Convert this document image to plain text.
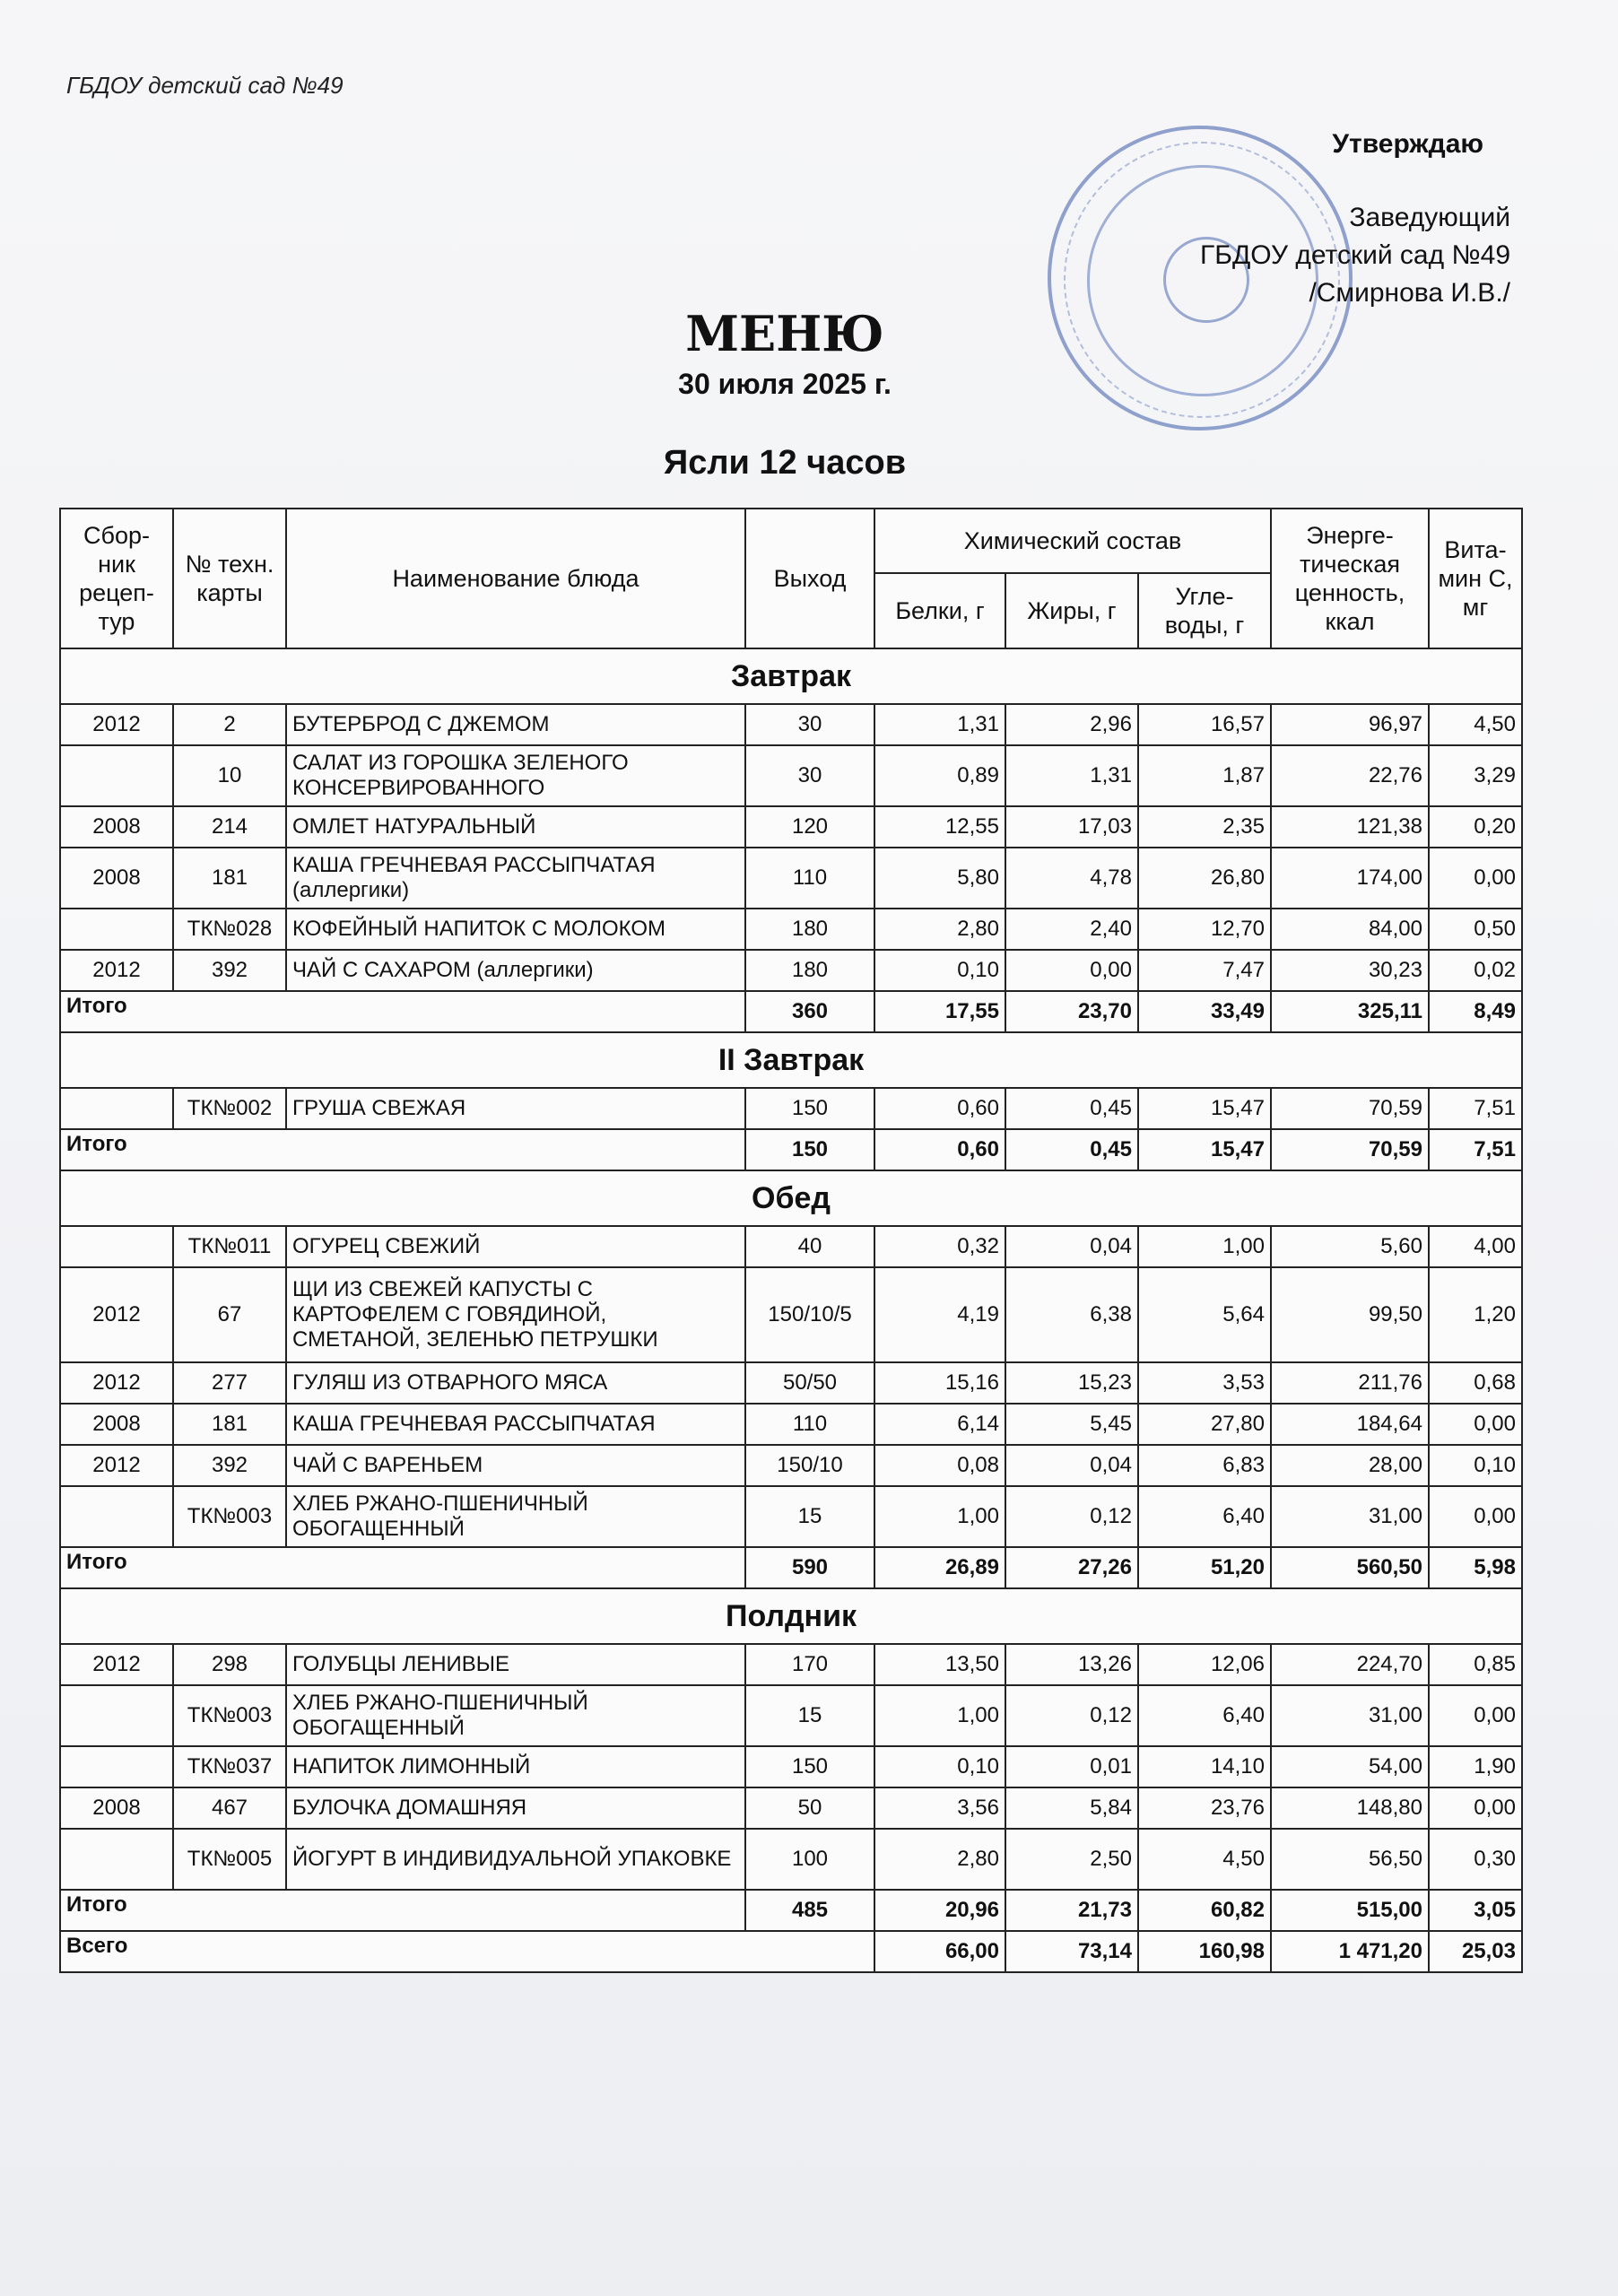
ГБДОУ детский сад №49
Утверждаю
Заведующий
ГБДОУ детский сад №49
/Смирнова И.В./
МЕНЮ
30 июля 2025 г.
Ясли 12 часов
Сбор-ник рецеп-тур	№ техн. карты	Наименование блюда	Выход	Химический состав			Энерге-тическая ценность, ккал	Вита-мин С, мг
				Белки, г	Жиры, г	Угле-воды, г		
Завтрак								
2012	2	БУТЕРБРОД С ДЖЕМОМ	30	1,31	2,96	16,57	96,97	4,50
	10	САЛАТ ИЗ ГОРОШКА ЗЕЛЕНОГО КОНСЕРВИРОВАННОГО	30	0,89	1,31	1,87	22,76	3,29
2008	214	ОМЛЕТ НАТУРАЛЬНЫЙ	120	12,55	17,03	2,35	121,38	0,20
2008	181	КАША ГРЕЧНЕВАЯ РАССЫПЧАТАЯ (аллергики)	110	5,80	4,78	26,80	174,00	0,00
	ТК№028	КОФЕЙНЫЙ НАПИТОК С МОЛОКОМ	180	2,80	2,40	12,70	84,00	0,50
2012	392	ЧАЙ С САХАРОМ (аллергики)	180	0,10	0,00	7,47	30,23	0,02
Итого			360	17,55	23,70	33,49	325,11	8,49
II Завтрак								
	ТК№002	ГРУША СВЕЖАЯ	150	0,60	0,45	15,47	70,59	7,51
Итого			150	0,60	0,45	15,47	70,59	7,51
Обед								
	ТК№011	ОГУРЕЦ СВЕЖИЙ	40	0,32	0,04	1,00	5,60	4,00
2012	67	ЩИ ИЗ СВЕЖЕЙ КАПУСТЫ С КАРТОФЕЛЕМ С ГОВЯДИНОЙ, СМЕТАНОЙ, ЗЕЛЕНЬЮ ПЕТРУШКИ	150/10/5	4,19	6,38	5,64	99,50	1,20
2012	277	ГУЛЯШ ИЗ ОТВАРНОГО МЯСА	50/50	15,16	15,23	3,53	211,76	0,68
2008	181	КАША ГРЕЧНЕВАЯ РАССЫПЧАТАЯ	110	6,14	5,45	27,80	184,64	0,00
2012	392	ЧАЙ С ВАРЕНЬЕМ	150/10	0,08	0,04	6,83	28,00	0,10
	ТК№003	ХЛЕБ РЖАНО-ПШЕНИЧНЫЙ ОБОГАЩЕННЫЙ	15	1,00	0,12	6,40	31,00	0,00
Итого			590	26,89	27,26	51,20	560,50	5,98
Полдник								
2012	298	ГОЛУБЦЫ ЛЕНИВЫЕ	170	13,50	13,26	12,06	224,70	0,85
	ТК№003	ХЛЕБ РЖАНО-ПШЕНИЧНЫЙ ОБОГАЩЕННЫЙ	15	1,00	0,12	6,40	31,00	0,00
	ТК№037	НАПИТОК ЛИМОННЫЙ	150	0,10	0,01	14,10	54,00	1,90
2008	467	БУЛОЧКА ДОМАШНЯЯ	50	3,56	5,84	23,76	148,80	0,00
	ТК№005	ЙОГУРТ В ИНДИВИДУАЛЬНОЙ УПАКОВКЕ	100	2,80	2,50	4,50	56,50	0,30
Итого			485	20,96	21,73	60,82	515,00	3,05
Всего				66,00	73,14	160,98	1 471,20	25,03
